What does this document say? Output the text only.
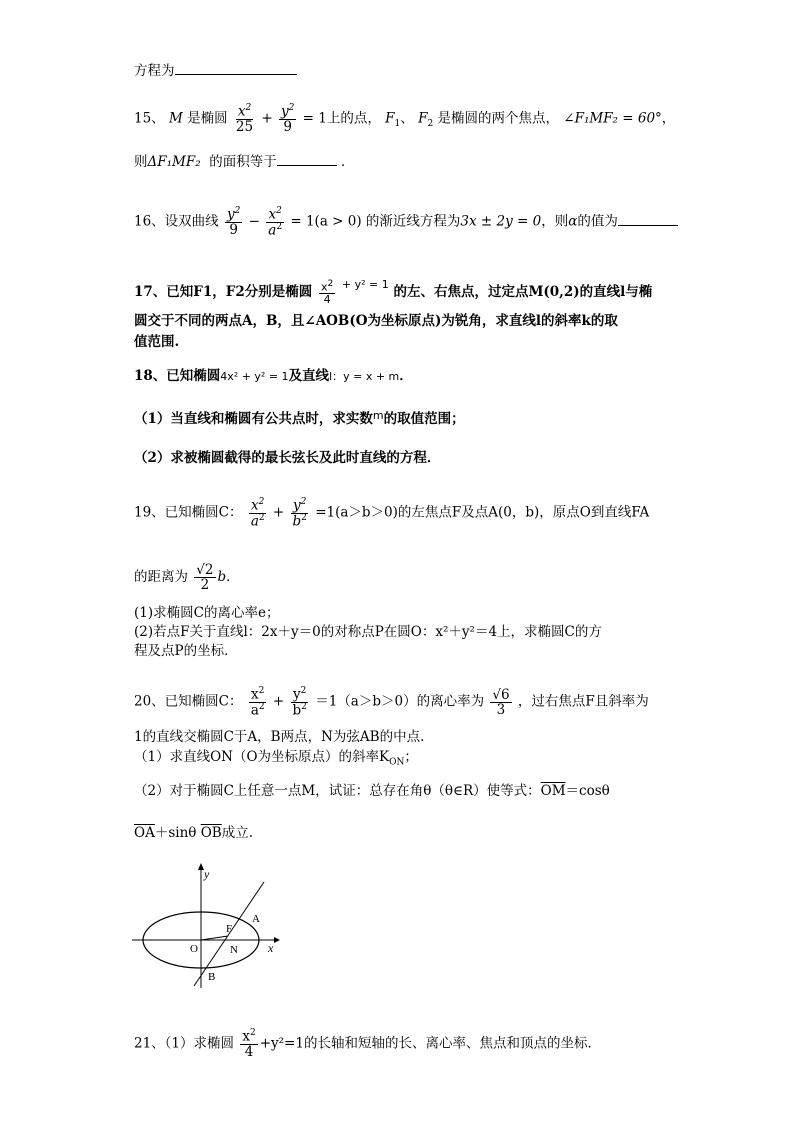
方程为
15、 M 是椭圆 $\frac{x^2}{25} + \frac{y^2}{9} = 1$上的点， $F_1$、 $F_2$ 是椭圆的两个焦点， ∠F₁MF₂ = 60°，
则ΔF₁MF₂ 的面积等于	．
16、设双曲线 $\frac{y^2}{9} - \frac{x^2}{a^2} = 1(a > 0)$ 的渐近线方程为3x ± 2y = 0，则α的值为
17、已知F1，F2分别是椭圆 $\frac{x^2}{4} ^{+ y^2 = 1}$ 的左、右焦点，过定点M(0,2)的直线l与椭
圆交于不同的两点A，B，且∠AOB(O为坐标原点)为锐角，求直线l的斜率k的取
值范围.
18、已知椭圆4x² + y² = 1及直线l：y = x + m．
（1）当直线和椭圆有公共点时，求实数$^m$的取值范围；
（2）求被椭圆截得的最长弦长及此时直线的方程．
19、已知椭圆C： $\frac{x^2}{a^2} + \frac{y^2}{b^2} =1(a>b>0)$的左焦点F及点A(0，b)，原点O到直线FA
的距离为 $\frac{√2}{2}$ b．
(1)求椭圆C的离心率e；
(2)若点F关于直线l：2x＋y＝0的对称点P在圆O：x²＋y²＝4上，求椭圆C的方
程及点P的坐标．
20、已知椭圆C： $\frac{x^2}{a^2} + \frac{y^2}{b^2} =1(a>b>0)$的离心率为 $\frac{√6}{3}$ ，过右焦点F且斜率为
1的直线交椭圆C于A，B两点，N为弦AB的中点.
（1）求直线ON（O为坐标原点）的斜率$K_{ON}$；
（2）对于椭圆C上任意一点M，试证：总存在角θ（θ∈R）使等式：$\overline{OM}=\cos\theta$
$\overline{OA}+\sin\theta$ $\overline{OB}$成立.
y
x
O
F
A
N
B
21、（1）求椭圆 $\frac{x^2}{4} +y^2=1$的长轴和短轴的长、离心率、焦点和顶点的坐标．
